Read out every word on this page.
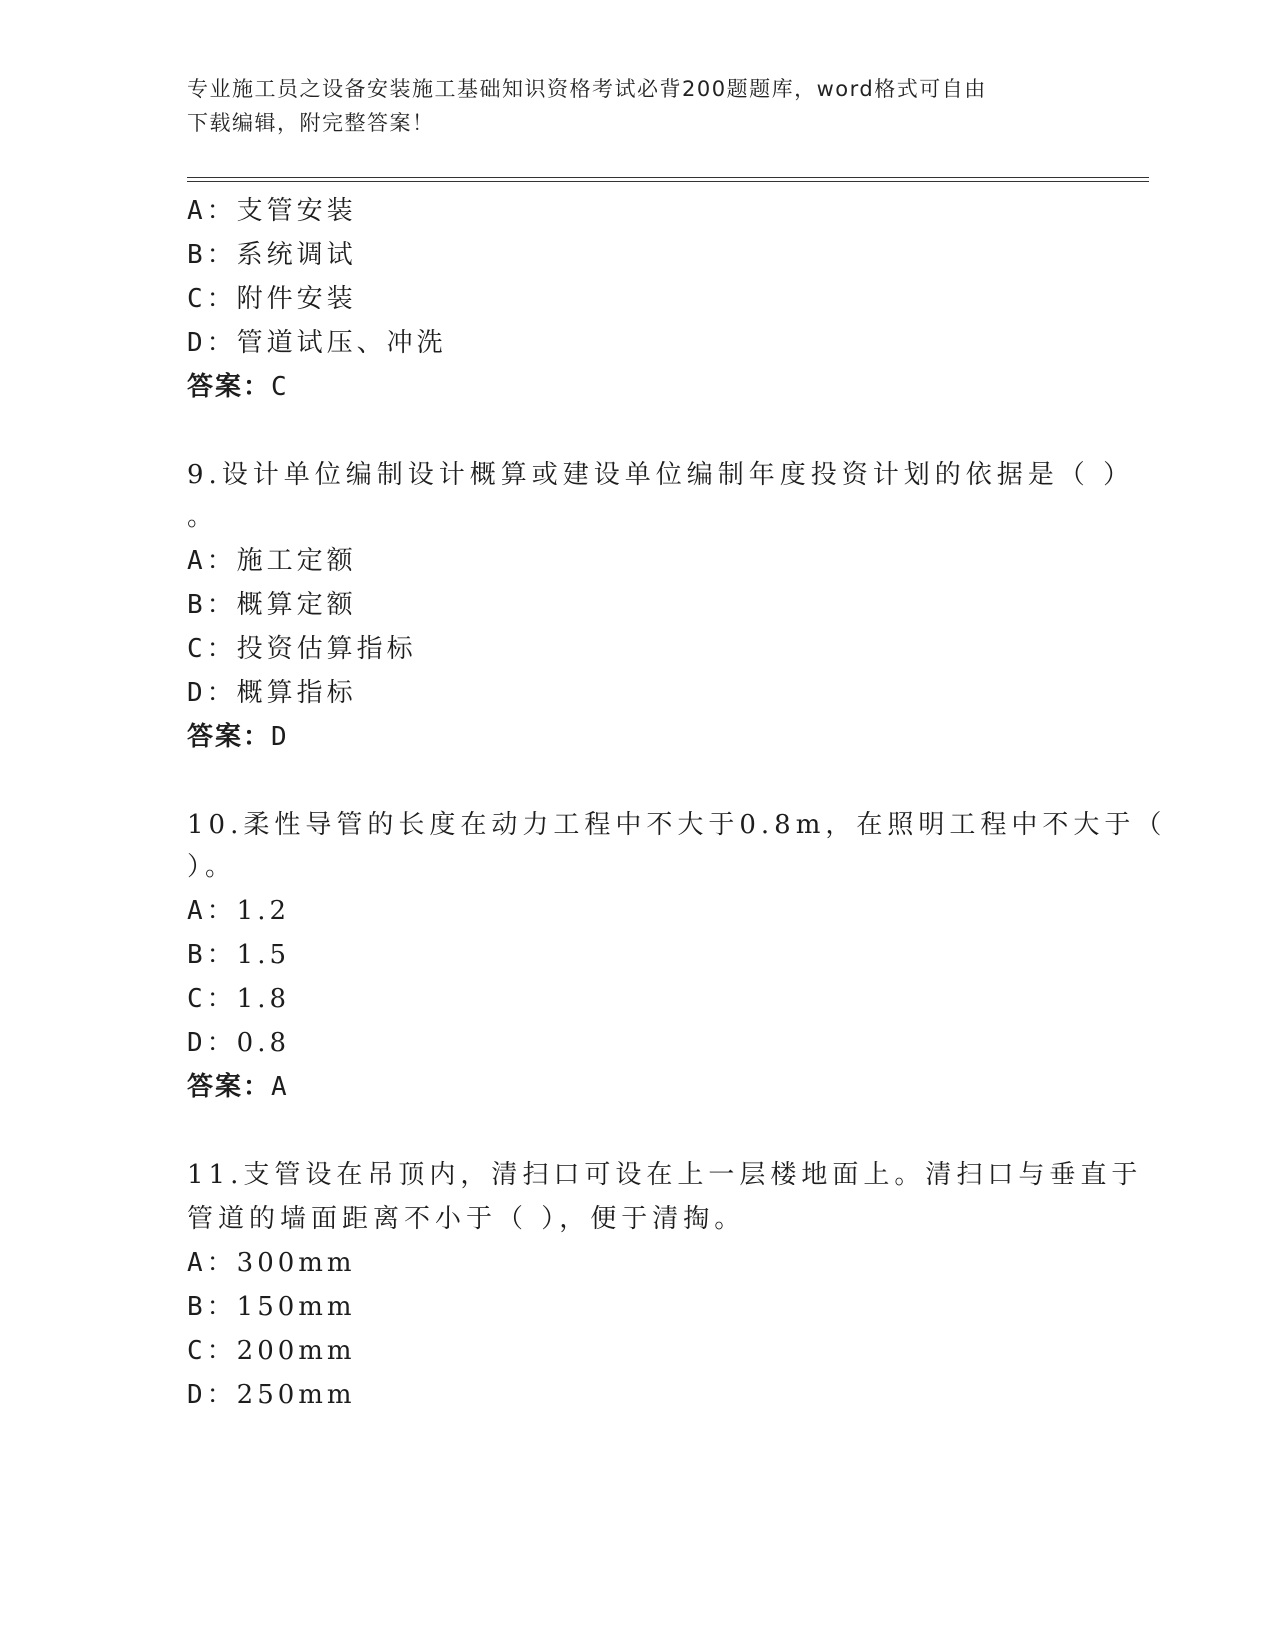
专业施工员之设备安装施工基础知识资格考试必背200题题库，word格式可自由
下载编辑，附完整答案！
A：支管安装
B：系统调试
C：附件安装
D：管道试压、冲洗
答案：C
9.设计单位编制设计概算或建设单位编制年度投资计划的依据是（ ）
。
A：施工定额
B：概算定额
C：投资估算指标
D：概算指标
答案：D
10.柔性导管的长度在动力工程中不大于0.8m，在照明工程中不大于（
）。
A：1.2
B：1.5
C：1.8
D：0.8
答案：A
11.支管设在吊顶内，清扫口可设在上一层楼地面上。清扫口与垂直于
管道的墙面距离不小于（ ），便于清掏。
A：300mm
B：150mm
C：200mm
D：250mm
